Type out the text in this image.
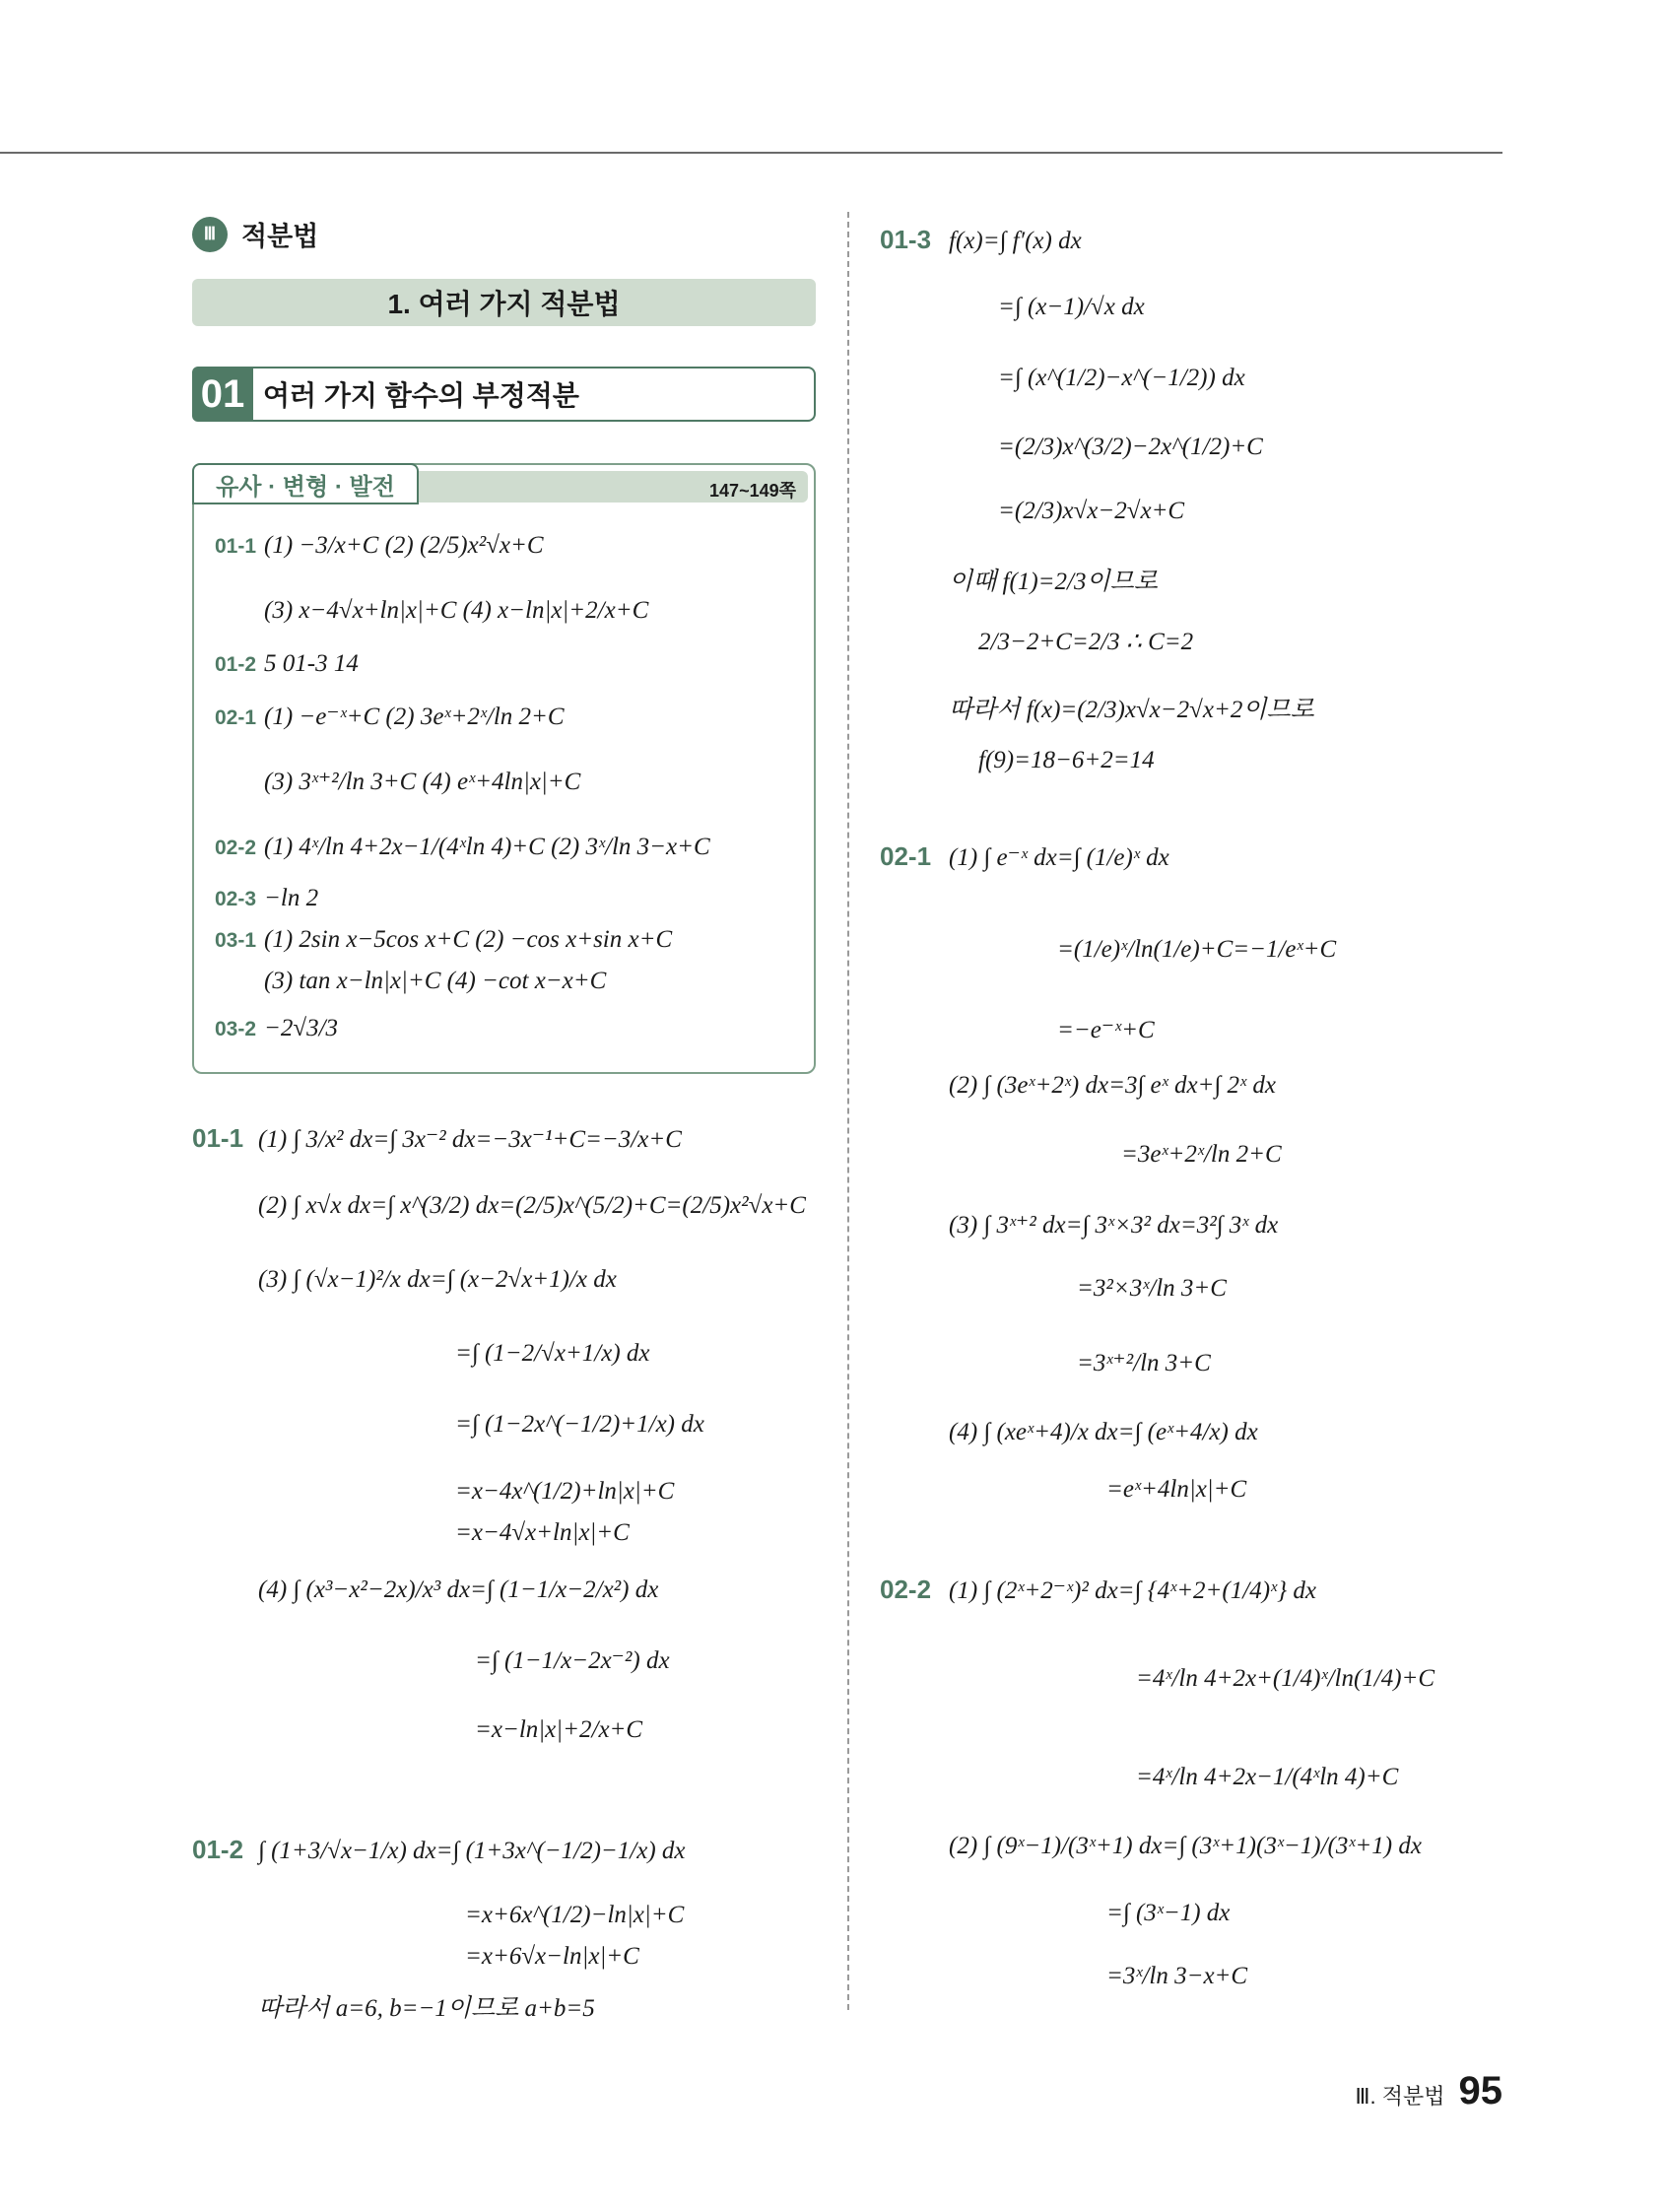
Ⅲ 적분법
1. 여러 가지 적분법
01 여러 가지 함수의 부정적분
유사 · 변형 · 발전	147~149쪽
01-1 (1) −3/x+C (2) (2/5)x²√x+C
(3) x−4√x+ln|x|+C (4) x−ln|x|+2/x+C
01-2 5 01-3 14
02-1 (1) −e⁻ˣ+C (2) 3eˣ+2ˣ/ln 2+C
(3) 3ˣ⁺²/ln 3+C (4) eˣ+4ln|x|+C
02-2 (1) 4ˣ/ln 4+2x−1/(4ˣln 4)+C (2) 3ˣ/ln 3−x+C
02-3 −ln 2
03-1 (1) 2sin x−5cos x+C (2) −cos x+sin x+C
(3) tan x−ln|x|+C (4) −cot x−x+C
03-2 −2√3/3
01-1 (1) ∫ 3/x² dx=∫ 3x⁻² dx=−3x⁻¹+C=−3/x+C
(2) ∫ x√x dx=∫ x^(3/2) dx=(2/5)x^(5/2)+C=(2/5)x²√x+C
(3) ∫ (√x−1)²/x dx=∫ (x−2√x+1)/x dx
=∫ (1−2/√x+1/x) dx
=∫ (1−2x^(−1/2)+1/x) dx
=x−4x^(1/2)+ln|x|+C
=x−4√x+ln|x|+C
(4) ∫ (x³−x²−2x)/x³ dx=∫ (1−1/x−2/x²) dx
=∫ (1−1/x−2x⁻²) dx
=x−ln|x|+2/x+C
01-2 ∫ (1+3/√x−1/x) dx=∫ (1+3x^(−1/2)−1/x) dx
=x+6x^(1/2)−ln|x|+C
=x+6√x−ln|x|+C
따라서 a=6, b=−1이므로 a+b=5
01-3 f(x)=∫ f′(x) dx
=∫ (x−1)/√x dx
=∫ (x^(1/2)−x^(−1/2)) dx
=(2/3)x^(3/2)−2x^(1/2)+C
=(2/3)x√x−2√x+C
이때 f(1)=2/3이므로
2/3−2+C=2/3 ∴ C=2
따라서 f(x)=(2/3)x√x−2√x+2이므로
f(9)=18−6+2=14
02-1 (1) ∫ e⁻ˣ dx=∫ (1/e)ˣ dx
=(1/e)ˣ/ln(1/e)+C=−1/eˣ+C
=−e⁻ˣ+C
(2) ∫ (3eˣ+2ˣ) dx=3∫ eˣ dx+∫ 2ˣ dx
=3eˣ+2ˣ/ln 2+C
(3) ∫ 3ˣ⁺² dx=∫ 3ˣ×3² dx=3²∫ 3ˣ dx
=3²×3ˣ/ln 3+C
=3ˣ⁺²/ln 3+C
(4) ∫ (xeˣ+4)/x dx=∫ (eˣ+4/x) dx
=eˣ+4ln|x|+C
02-2 (1) ∫ (2ˣ+2⁻ˣ)² dx=∫ {4ˣ+2+(1/4)ˣ} dx
=4ˣ/ln 4+2x+(1/4)ˣ/ln(1/4)+C
=4ˣ/ln 4+2x−1/(4ˣln 4)+C
(2) ∫ (9ˣ−1)/(3ˣ+1) dx=∫ (3ˣ+1)(3ˣ−1)/(3ˣ+1) dx
=∫ (3ˣ−1) dx
=3ˣ/ln 3−x+C
Ⅲ. 적분법 95
